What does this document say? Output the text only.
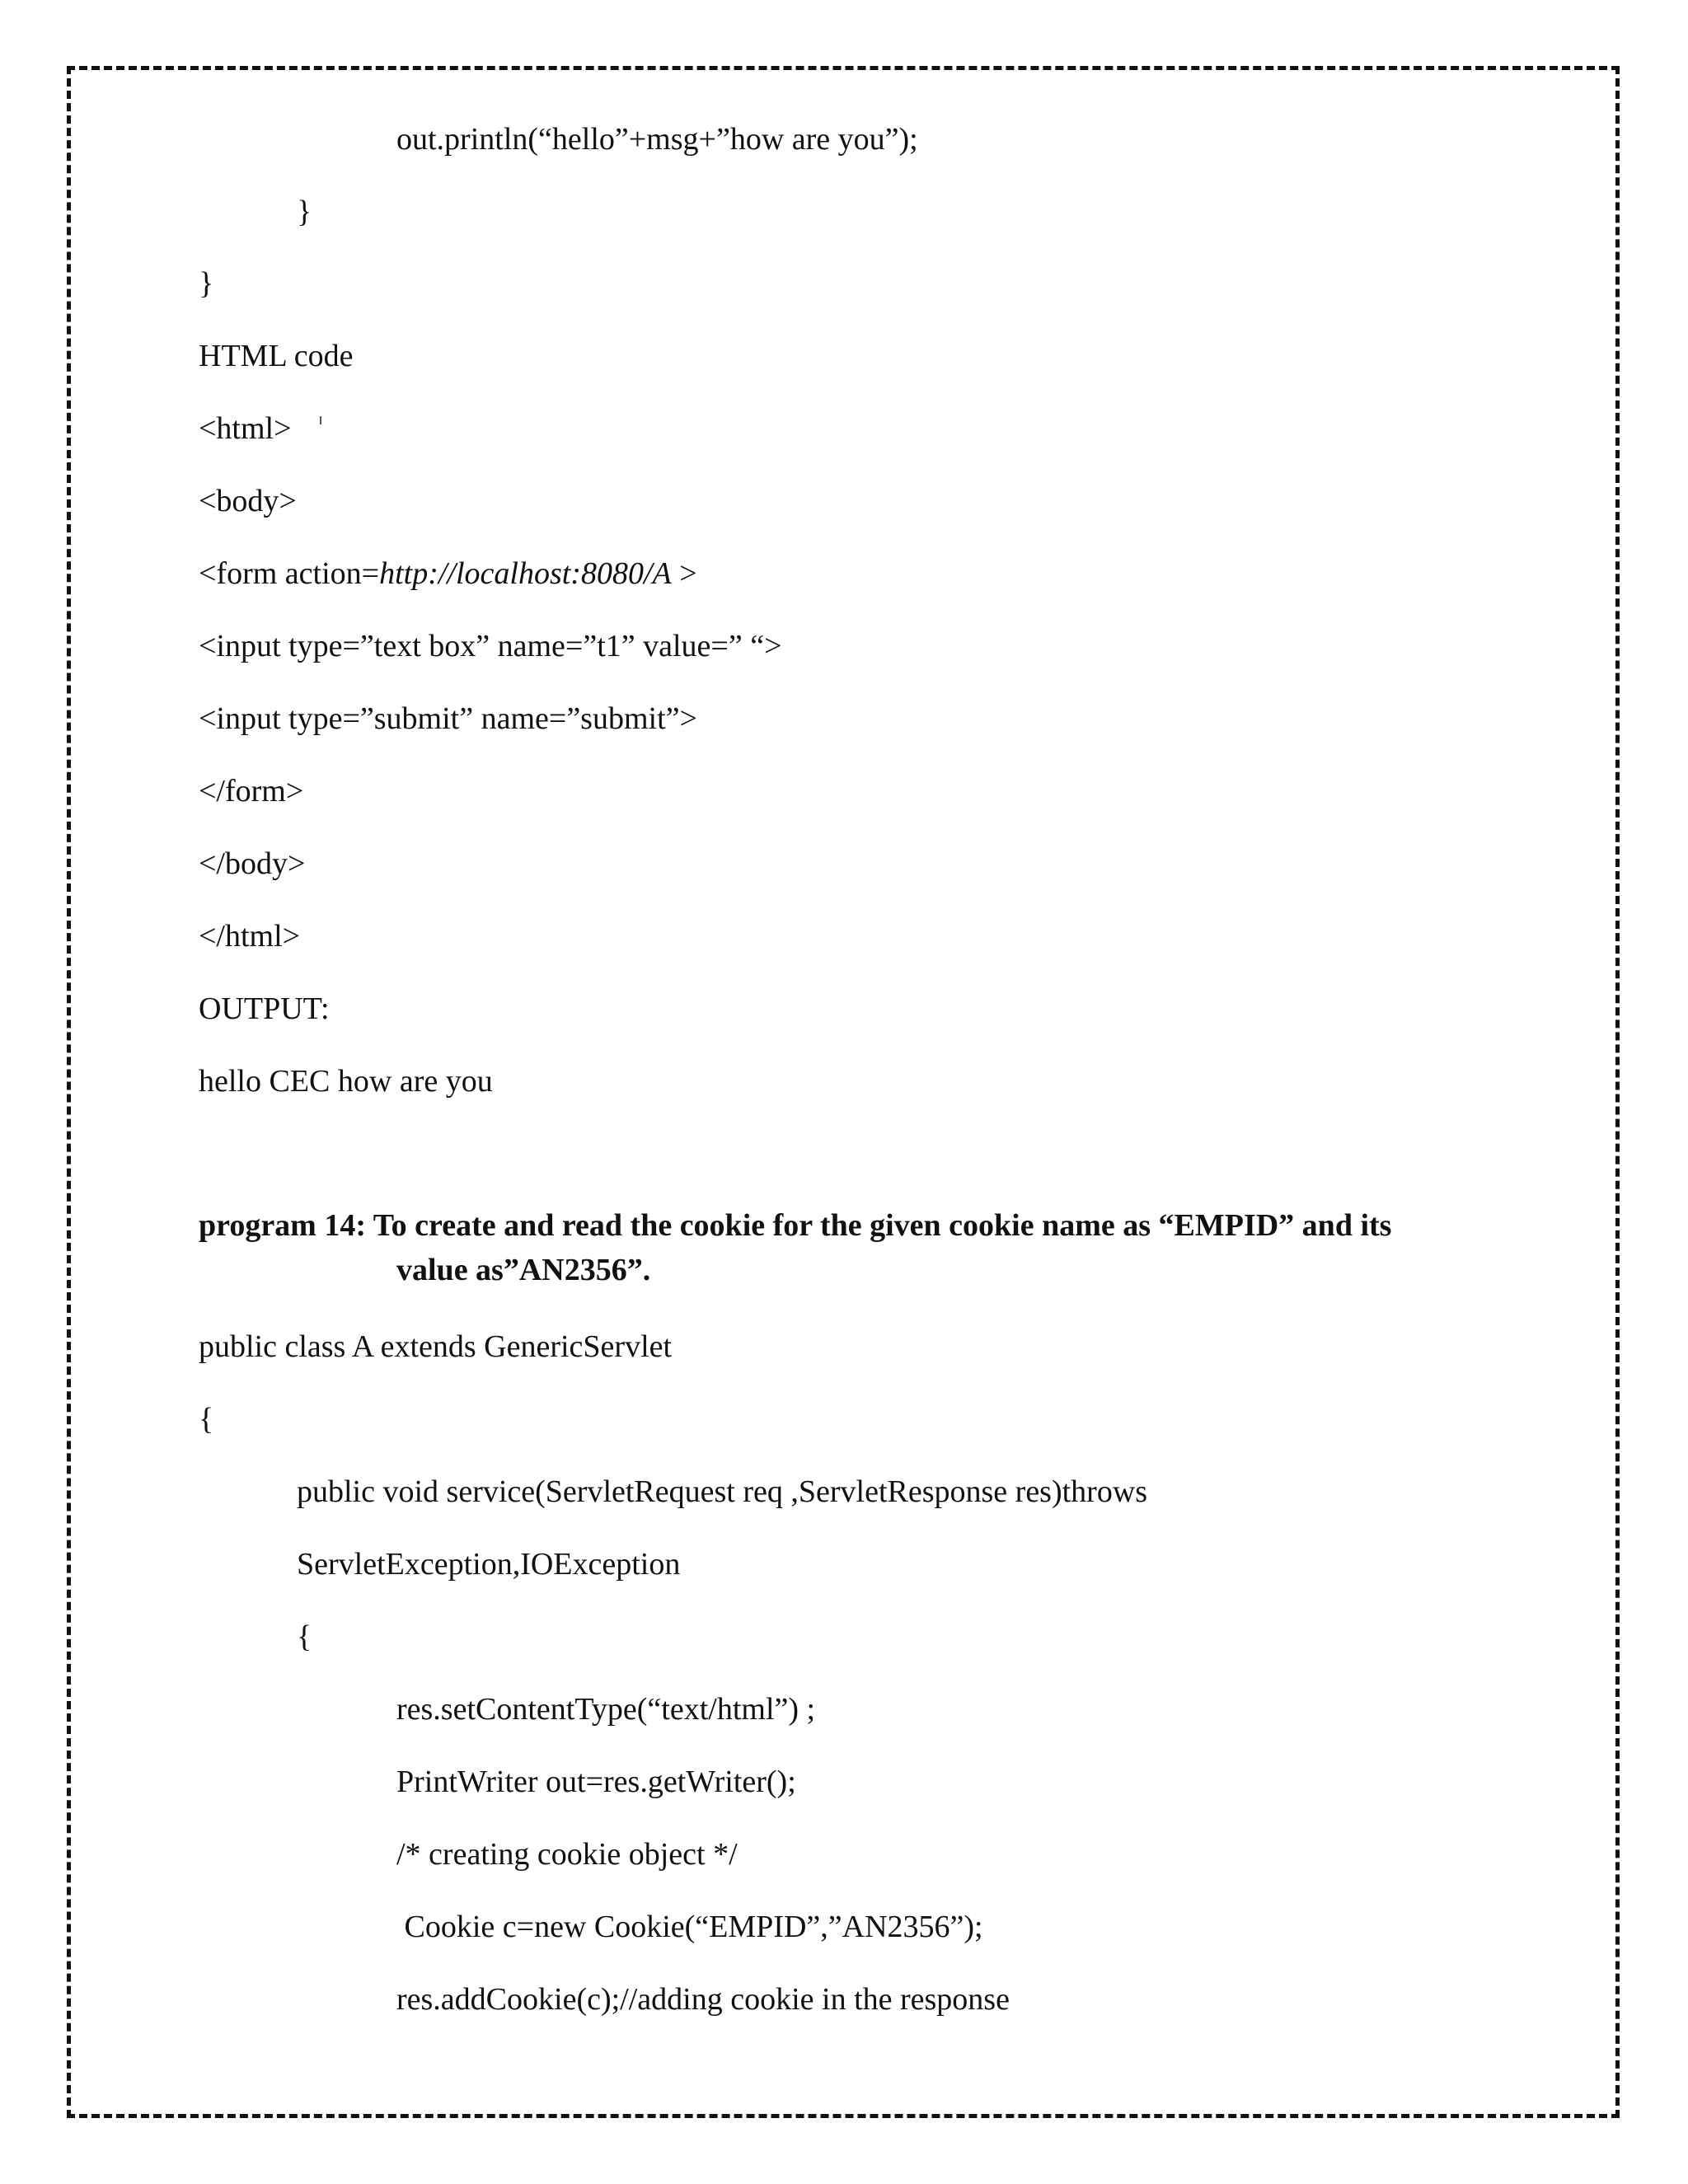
out.println(“hello”+msg+”how are you”);
}
}
HTML code
<html>
<body>
<form action=http://localhost:8080/A >
<input type=”text box” name=”t1” value=” “>
<input type=”submit” name=”submit”>
</form>
</body>
</html>
OUTPUT:
hello CEC how are you
program 14: To create and read the cookie for the given cookie name as “EMPID” and its
value as”AN2356”.
public class A extends GenericServlet
{
public void service(ServletRequest req ,ServletResponse res)throws
ServletException,IOException
{
res.setContentType(“text/html”) ;
PrintWriter out=res.getWriter();
/* creating cookie object */
Cookie c=new Cookie(“EMPID”,”AN2356”);
res.addCookie(c);//adding cookie in the response
